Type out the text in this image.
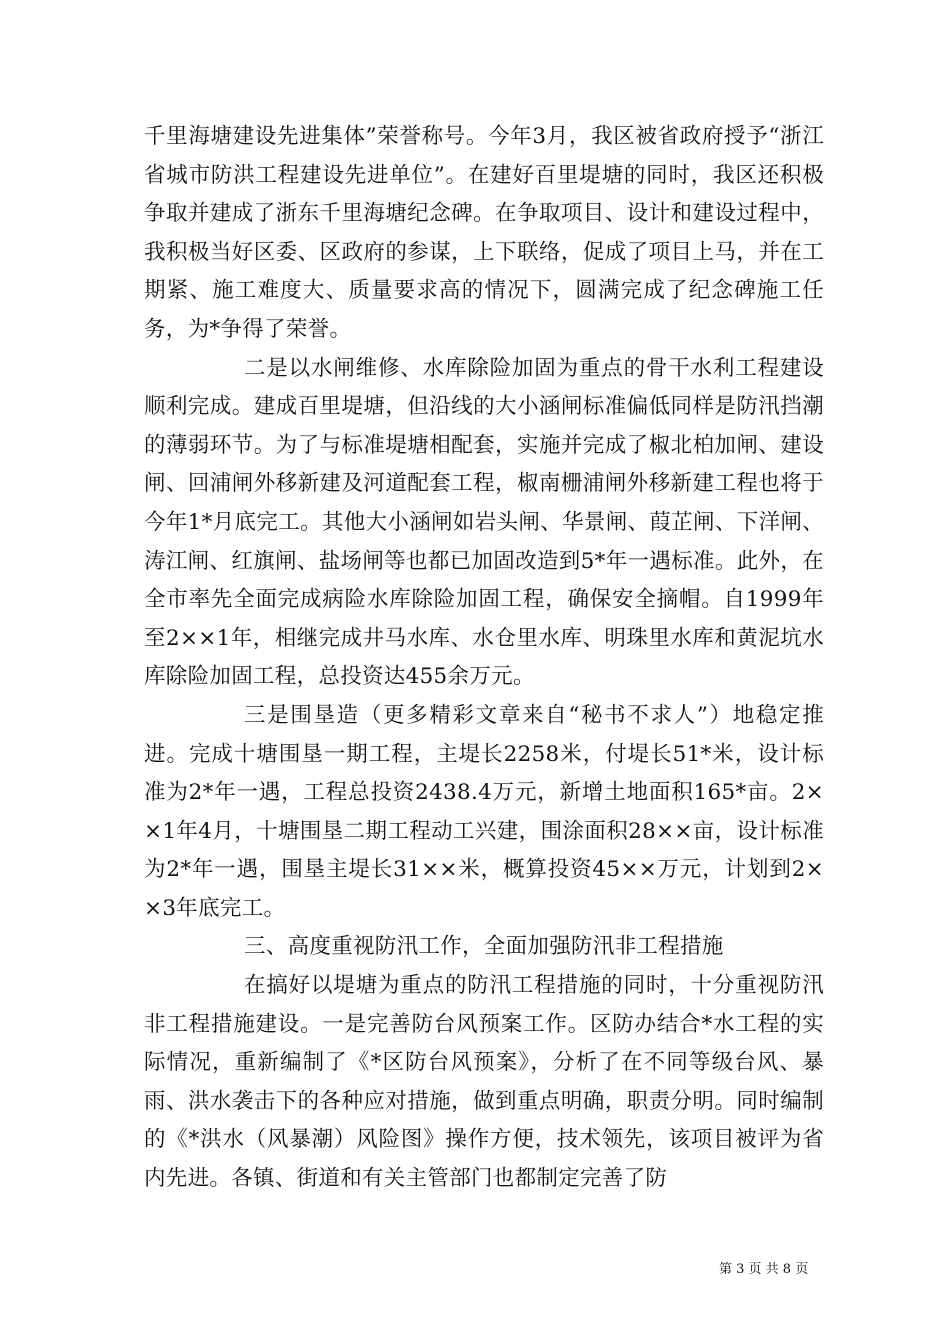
千里海塘建设先进集体”荣誉称号。今年3月，我区被省政府授予“浙江省城市防洪工程建设先进单位”。在建好百里堤塘的同时，我区还积极争取并建成了浙东千里海塘纪念碑。在争取项目、设计和建设过程中，我积极当好区委、区政府的参谋，上下联络，促成了项目上马，并在工期紧、施工难度大、质量要求高的情况下，圆满完成了纪念碑施工任务，为*争得了荣誉。

二是以水闸维修、水库除险加固为重点的骨干水利工程建设顺利完成。建成百里堤塘，但沿线的大小涵闸标准偏低同样是防汛挡潮的薄弱环节。为了与标准堤塘相配套，实施并完成了椒北柏加闸、建设闸、回浦闸外移新建及河道配套工程，椒南栅浦闸外移新建工程也将于今年1*月底完工。其他大小涵闸如岩头闸、华景闸、葭芷闸、下洋闸、涛江闸、红旗闸、盐场闸等也都已加固改造到5*年一遇标准。此外，在全市率先全面完成病险水库除险加固工程，确保安全摘帽。自1999年至2××1年，相继完成井马水库、水仓里水库、明珠里水库和黄泥坑水库除险加固工程，总投资达455余万元。

三是围垦造（更多精彩文章来自“秘书不求人”）地稳定推进。完成十塘围垦一期工程，主堤长2258米，付堤长51*米，设计标准为2*年一遇，工程总投资2438.4万元，新增土地面积165*亩。2××1年4月，十塘围垦二期工程动工兴建，围涂面积28××亩，设计标准为2*年一遇，围垦主堤长31××米，概算投资45××万元，计划到2××3年底完工。

三、高度重视防汛工作，全面加强防汛非工程措施

在搞好以堤塘为重点的防汛工程措施的同时，十分重视防汛非工程措施建设。一是完善防台风预案工作。区防办结合*水工程的实际情况，重新编制了《*区防台风预案》，分析了在不同等级台风、暴雨、洪水袭击下的各种应对措施，做到重点明确，职责分明。同时编制的《*洪水（风暴潮）风险图》操作方便，技术领先，该项目被评为省内先进。各镇、街道和有关主管部门也都制定完善了防

第 3 页 共 8 页
